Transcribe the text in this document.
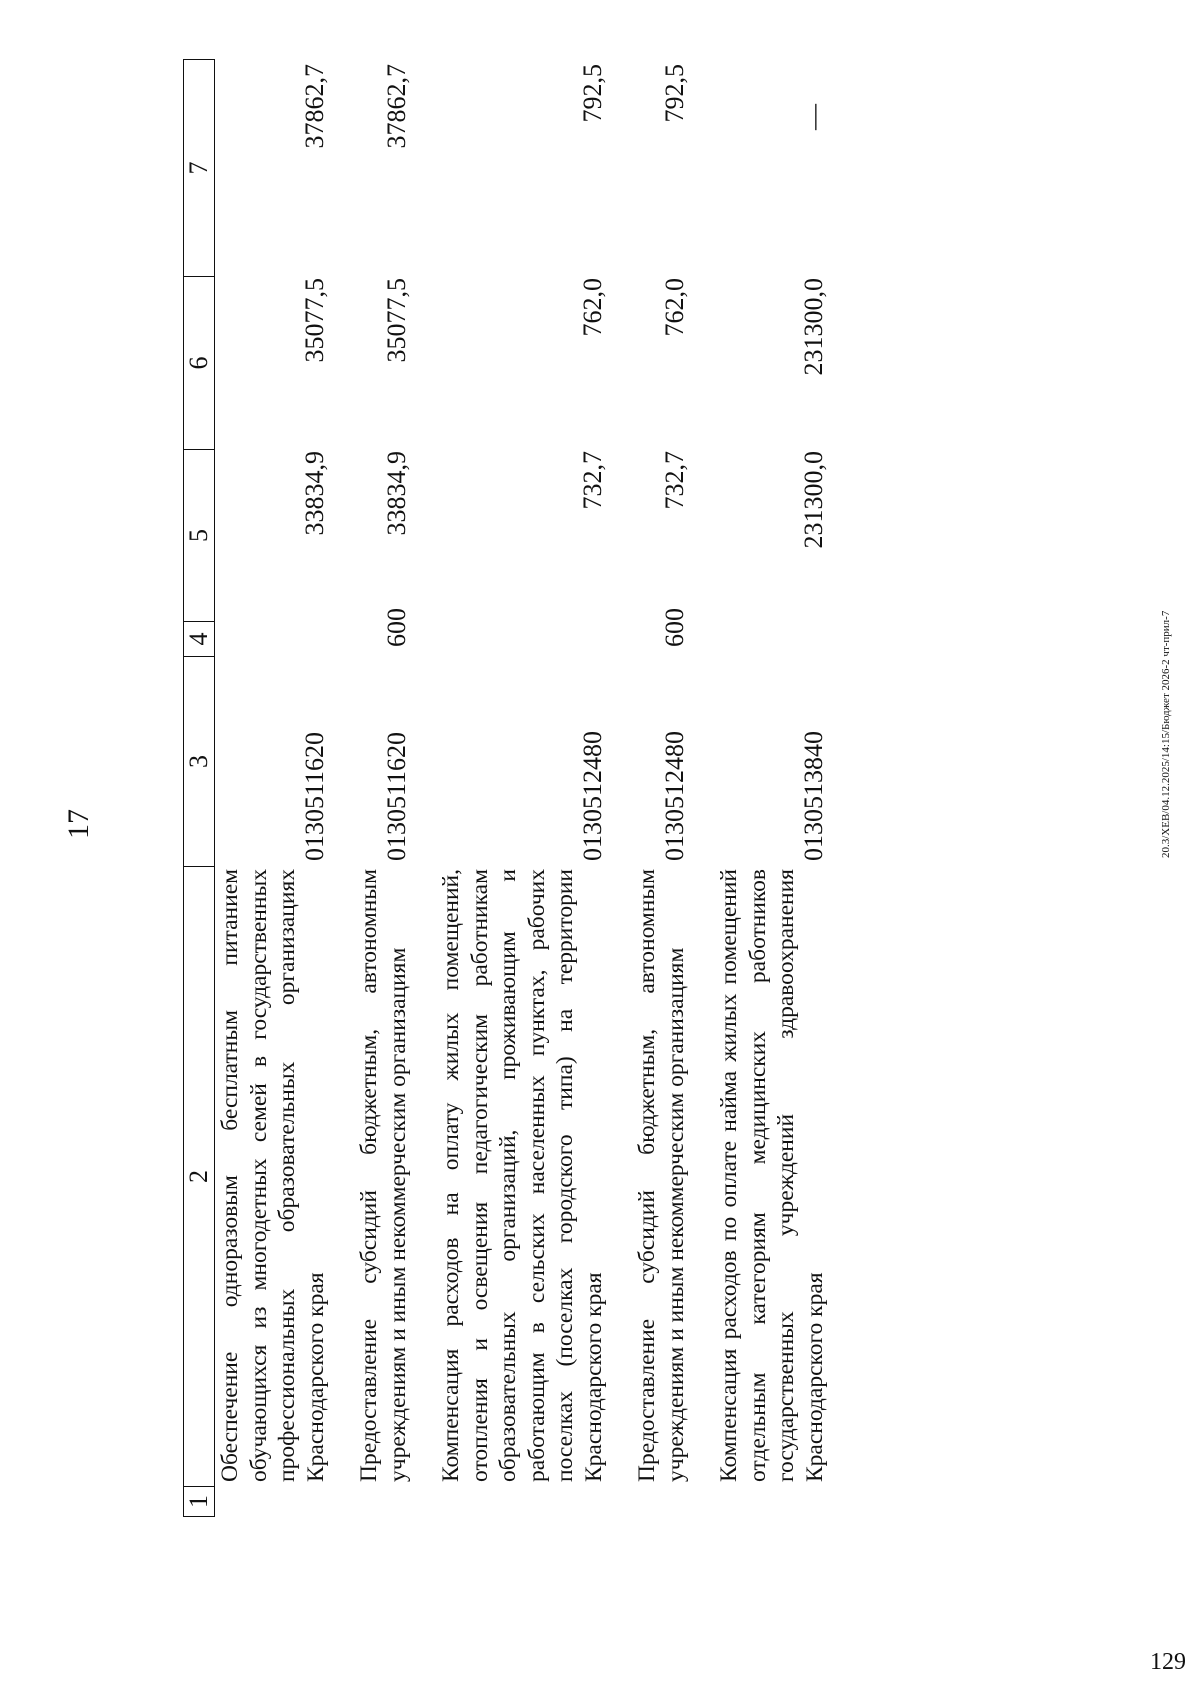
17
1
2
3
4
5
6
7
Обеспечение одноразовым бесплатным питанием обучающихся из многодетных семей в государственных профессиональных образовательных организациях Краснодарского края
0130511620
33834,9
35077,5
37862,7
Предоставление субсидий бюджетным, автономным учреждениям и иным некоммерческим организациям
0130511620
600
33834,9
35077,5
37862,7
Компенсация расходов на оплату жилых помещений, отопления и освещения педагогическим работникам образовательных организаций, проживающим и работающим в сельских населенных пунктах, рабочих поселках (поселках городского типа) на территории Краснодарского края
0130512480
732,7
762,0
792,5
Предоставление субсидий бюджетным, автономным учреждениям и иным некоммерческим организациям
0130512480
600
732,7
762,0
792,5
Компенсация расходов по оплате найма жилых помещений отдельным категориям медицинских работников государственных учреждений здравоохранения Краснодарского края
0130513840
231300,0
231300,0
—
20.3/ХЕВ/04.12.2025/14:15/Бюджет 2026-2 чт-прил-7
129
